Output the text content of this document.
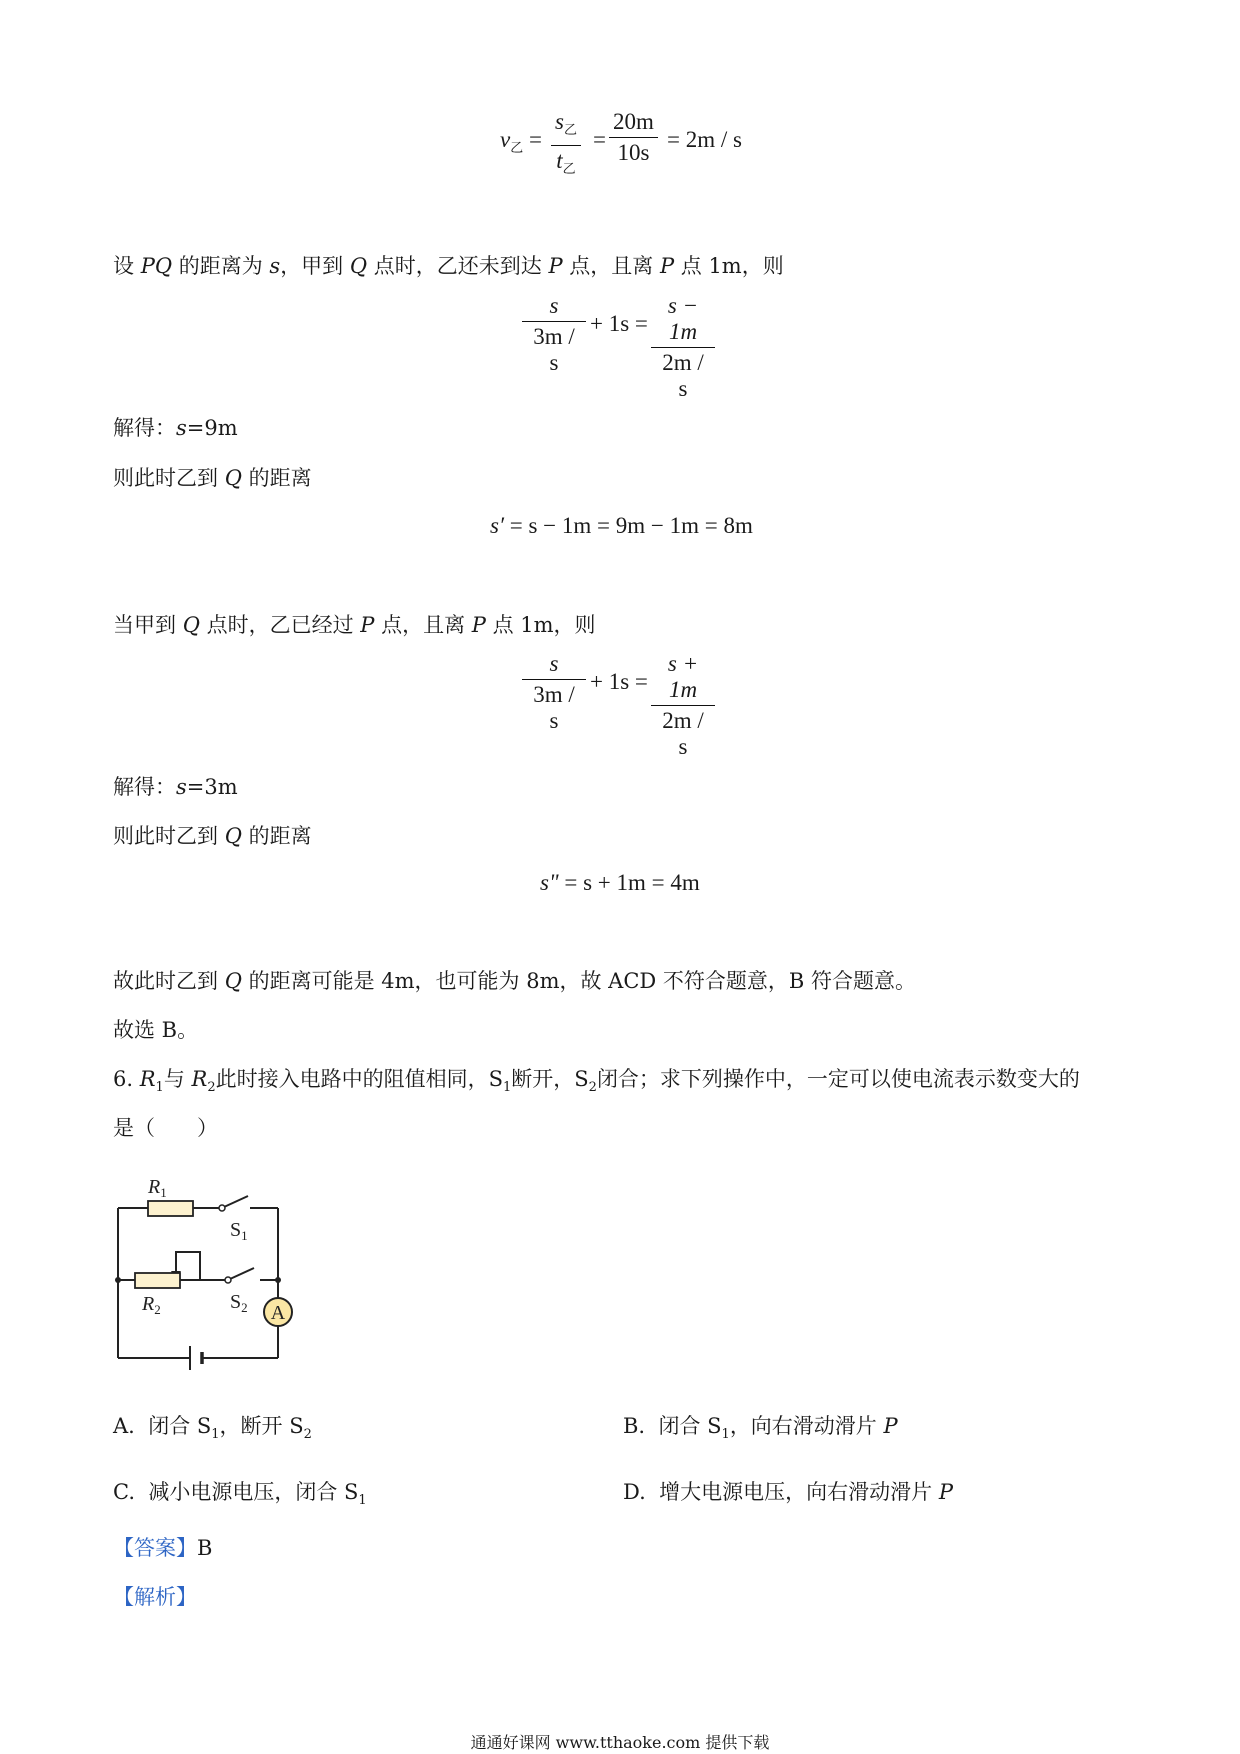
$v_乙$ =
$s_乙$
$t_乙$
= $\frac{20m}{10s} = 2m / s$
设 PQ 的距离为 s，甲到 Q 点时，乙还未到达 P 点，且离 P 点 1m，则
s
3m / s
+ 1s =
s − 1m
2m / s
解得：s=9m
则此时乙到 Q 的距离
s′ = s − 1m = 9m − 1m = 8m
当甲到 Q 点时，乙已经过 P 点，且离 P 点 1m，则
s
3m / s
+ 1s =
s + 1m
2m / s
解得：s=3m
则此时乙到 Q 的距离
s" = s + 1m = 4m
故此时乙到 Q 的距离可能是 4m，也可能为 8m，故 ACD 不符合题意，B 符合题意。
故选 B。
6. $R_1$与 $R_2$此时接入电路中的阻值相同，$S_1$断开，$S_2$闭合；求下列操作中，一定可以使电流表示数变大的
是（　　）
A
$R_1$
$S_1$
$S_2$
$R_2$
A. 闭合 $S_1$，断开 $S_2$	B. 闭合 $S_1$，向右滑动滑片 P
C. 减小电源电压，闭合 $S_1$	D. 增大电源电压，向右滑动滑片 P
【答案】B
【解析】
通通好课网 www.tthaoke.com 提供下载
